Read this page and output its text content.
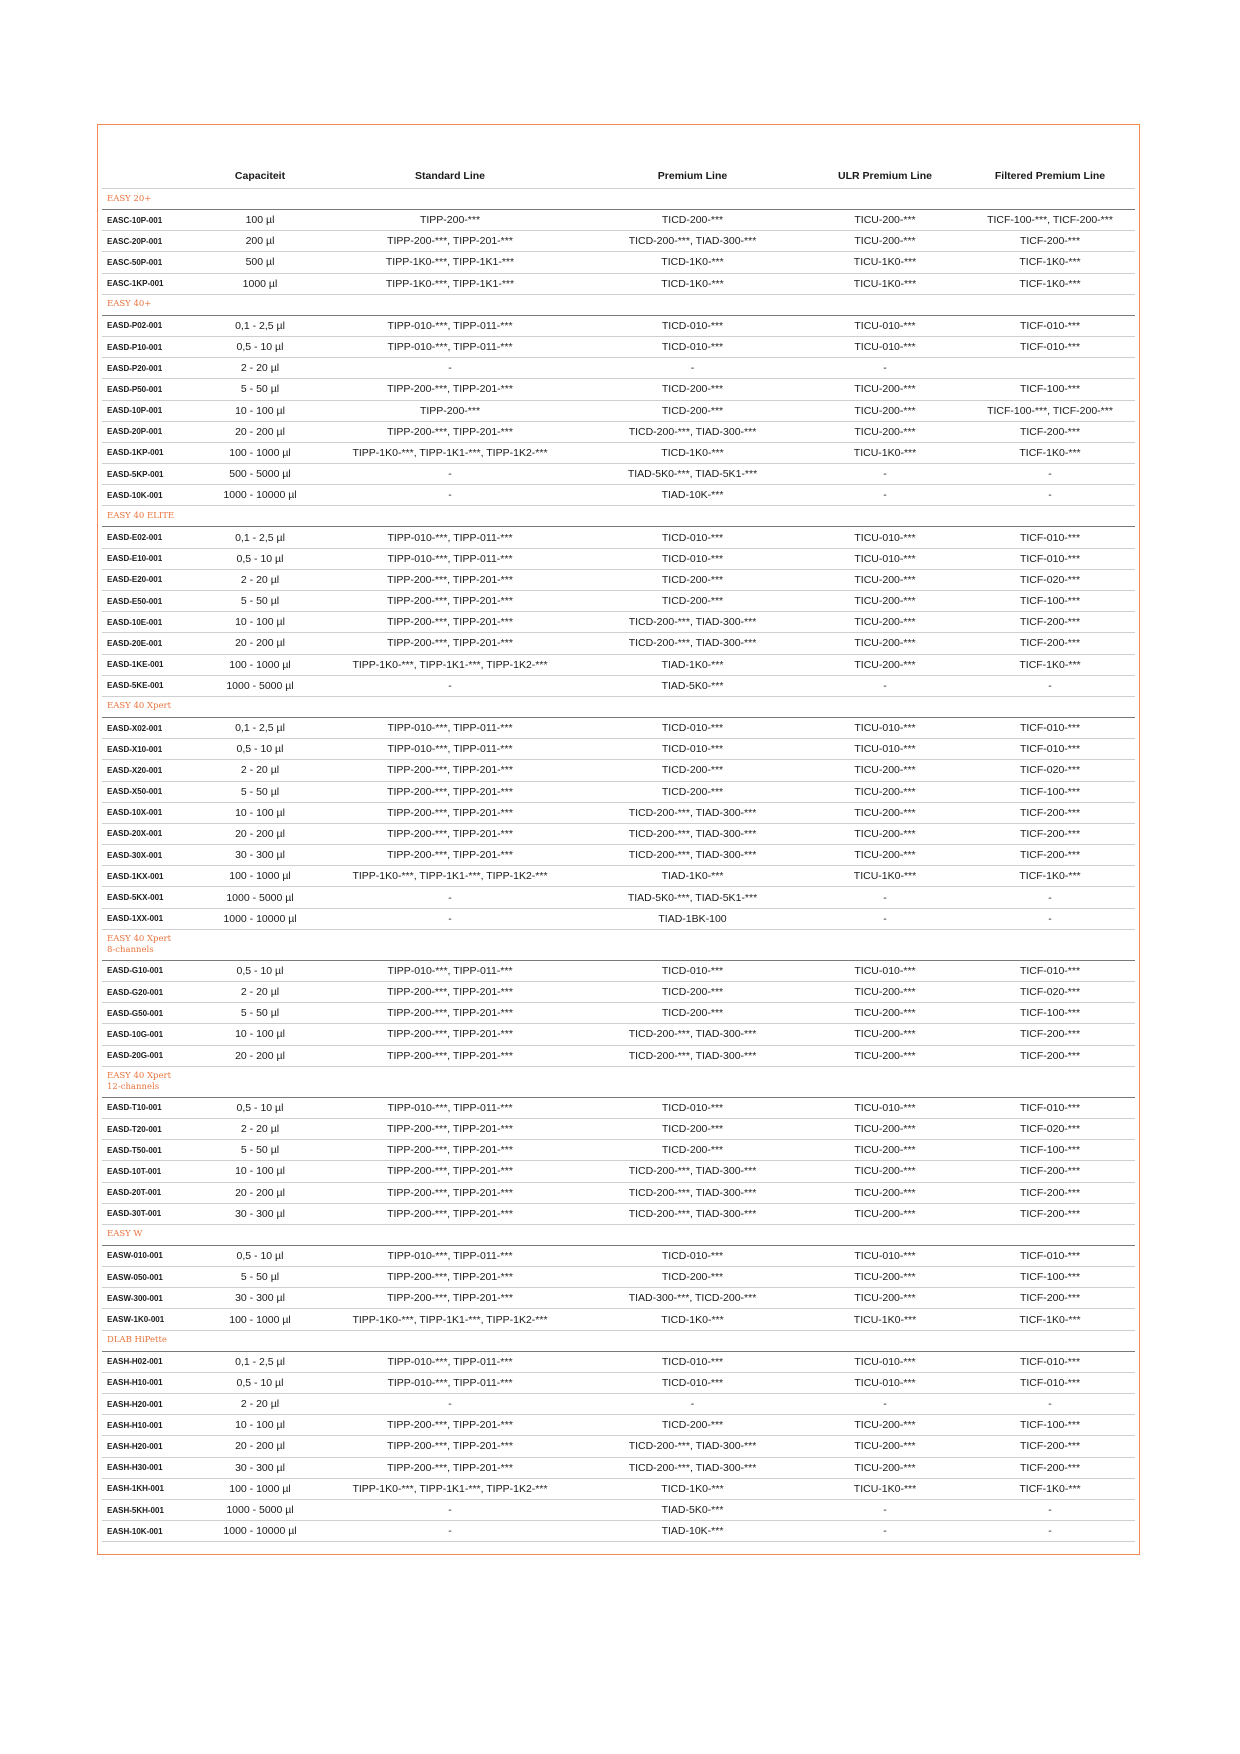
	Capaciteit	Standard Line	Premium Line	ULR Premium Line	Filtered Premium Line
EASY 20+					
EASC-10P-001	100 µl	TIPP-200-***	TICD-200-***	TICU-200-***	TICF-100-***, TICF-200-***
EASC-20P-001	200 µl	TIPP-200-***, TIPP-201-***	TICD-200-***, TIAD-300-***	TICU-200-***	TICF-200-***
EASC-50P-001	500 µl	TIPP-1K0-***, TIPP-1K1-***	TICD-1K0-***	TICU-1K0-***	TICF-1K0-***
EASC-1KP-001	1000 µl	TIPP-1K0-***, TIPP-1K1-***	TICD-1K0-***	TICU-1K0-***	TICF-1K0-***
EASY 40+					
EASD-P02-001	0,1 - 2,5 µl	TIPP-010-***, TIPP-011-***	TICD-010-***	TICU-010-***	TICF-010-***
EASD-P10-001	0,5 - 10 µl	TIPP-010-***, TIPP-011-***	TICD-010-***	TICU-010-***	TICF-010-***
EASD-P20-001	2 - 20 µl	-	-	-	
EASD-P50-001	5 - 50 µl	TIPP-200-***, TIPP-201-***	TICD-200-***	TICU-200-***	TICF-100-***
EASD-10P-001	10 - 100 µl	TIPP-200-***	TICD-200-***	TICU-200-***	TICF-100-***, TICF-200-***
EASD-20P-001	20 - 200 µl	TIPP-200-***, TIPP-201-***	TICD-200-***, TIAD-300-***	TICU-200-***	TICF-200-***
EASD-1KP-001	100 - 1000 µl	TIPP-1K0-***, TIPP-1K1-***, TIPP-1K2-***	TICD-1K0-***	TICU-1K0-***	TICF-1K0-***
EASD-5KP-001	500 - 5000 µl	-	TIAD-5K0-***, TIAD-5K1-***	-	-
EASD-10K-001	1000 - 10000 µl	-	TIAD-10K-***	-	-
EASY 40 ELITE					
EASD-E02-001	0,1 - 2,5 µl	TIPP-010-***, TIPP-011-***	TICD-010-***	TICU-010-***	TICF-010-***
EASD-E10-001	0,5 - 10 µl	TIPP-010-***, TIPP-011-***	TICD-010-***	TICU-010-***	TICF-010-***
EASD-E20-001	2 - 20 µl	TIPP-200-***, TIPP-201-***	TICD-200-***	TICU-200-***	TICF-020-***
EASD-E50-001	5 - 50 µl	TIPP-200-***, TIPP-201-***	TICD-200-***	TICU-200-***	TICF-100-***
EASD-10E-001	10 - 100 µl	TIPP-200-***, TIPP-201-***	TICD-200-***, TIAD-300-***	TICU-200-***	TICF-200-***
EASD-20E-001	20 - 200 µl	TIPP-200-***, TIPP-201-***	TICD-200-***, TIAD-300-***	TICU-200-***	TICF-200-***
EASD-1KE-001	100 - 1000 µl	TIPP-1K0-***, TIPP-1K1-***, TIPP-1K2-***	TIAD-1K0-***	TICU-200-***	TICF-1K0-***
EASD-5KE-001	1000 - 5000 µl	-	TIAD-5K0-***	-	-
EASY 40 Xpert					
EASD-X02-001	0,1 - 2,5 µl	TIPP-010-***, TIPP-011-***	TICD-010-***	TICU-010-***	TICF-010-***
EASD-X10-001	0,5 - 10 µl	TIPP-010-***, TIPP-011-***	TICD-010-***	TICU-010-***	TICF-010-***
EASD-X20-001	2 - 20 µl	TIPP-200-***, TIPP-201-***	TICD-200-***	TICU-200-***	TICF-020-***
EASD-X50-001	5 - 50 µl	TIPP-200-***, TIPP-201-***	TICD-200-***	TICU-200-***	TICF-100-***
EASD-10X-001	10 - 100 µl	TIPP-200-***, TIPP-201-***	TICD-200-***, TIAD-300-***	TICU-200-***	TICF-200-***
EASD-20X-001	20 - 200 µl	TIPP-200-***, TIPP-201-***	TICD-200-***, TIAD-300-***	TICU-200-***	TICF-200-***
EASD-30X-001	30 - 300 µl	TIPP-200-***, TIPP-201-***	TICD-200-***, TIAD-300-***	TICU-200-***	TICF-200-***
EASD-1KX-001	100 - 1000 µl	TIPP-1K0-***, TIPP-1K1-***, TIPP-1K2-***	TIAD-1K0-***	TICU-1K0-***	TICF-1K0-***
EASD-5KX-001	1000 - 5000 µl	-	TIAD-5K0-***, TIAD-5K1-***	-	-
EASD-1XX-001	1000 - 10000 µl	-	TIAD-1BK-100	-	-
EASY 40 Xpert
8-channels					
EASD-G10-001	0,5 - 10 µl	TIPP-010-***, TIPP-011-***	TICD-010-***	TICU-010-***	TICF-010-***
EASD-G20-001	2 - 20 µl	TIPP-200-***, TIPP-201-***	TICD-200-***	TICU-200-***	TICF-020-***
EASD-G50-001	5 - 50 µl	TIPP-200-***, TIPP-201-***	TICD-200-***	TICU-200-***	TICF-100-***
EASD-10G-001	10 - 100 µl	TIPP-200-***, TIPP-201-***	TICD-200-***, TIAD-300-***	TICU-200-***	TICF-200-***
EASD-20G-001	20 - 200 µl	TIPP-200-***, TIPP-201-***	TICD-200-***, TIAD-300-***	TICU-200-***	TICF-200-***
EASY 40 Xpert
12-channels					
EASD-T10-001	0,5 - 10 µl	TIPP-010-***, TIPP-011-***	TICD-010-***	TICU-010-***	TICF-010-***
EASD-T20-001	2 - 20 µl	TIPP-200-***, TIPP-201-***	TICD-200-***	TICU-200-***	TICF-020-***
EASD-T50-001	5 - 50 µl	TIPP-200-***, TIPP-201-***	TICD-200-***	TICU-200-***	TICF-100-***
EASD-10T-001	10 - 100 µl	TIPP-200-***, TIPP-201-***	TICD-200-***, TIAD-300-***	TICU-200-***	TICF-200-***
EASD-20T-001	20 - 200 µl	TIPP-200-***, TIPP-201-***	TICD-200-***, TIAD-300-***	TICU-200-***	TICF-200-***
EASD-30T-001	30 - 300 µl	TIPP-200-***, TIPP-201-***	TICD-200-***, TIAD-300-***	TICU-200-***	TICF-200-***
EASY W					
EASW-010-001	0,5 - 10 µl	TIPP-010-***, TIPP-011-***	TICD-010-***	TICU-010-***	TICF-010-***
EASW-050-001	5 - 50 µl	TIPP-200-***, TIPP-201-***	TICD-200-***	TICU-200-***	TICF-100-***
EASW-300-001	30 - 300 µl	TIPP-200-***, TIPP-201-***	TIAD-300-***, TICD-200-***	TICU-200-***	TICF-200-***
EASW-1K0-001	100 - 1000 µl	TIPP-1K0-***, TIPP-1K1-***, TIPP-1K2-***	TICD-1K0-***	TICU-1K0-***	TICF-1K0-***
DLAB HiPette					
EASH-H02-001	0,1 - 2,5 µl	TIPP-010-***, TIPP-011-***	TICD-010-***	TICU-010-***	TICF-010-***
EASH-H10-001	0,5 - 10 µl	TIPP-010-***, TIPP-011-***	TICD-010-***	TICU-010-***	TICF-010-***
EASH-H20-001	2 - 20 µl	-	-	-	-
EASH-H10-001	10 - 100 µl	TIPP-200-***, TIPP-201-***	TICD-200-***	TICU-200-***	TICF-100-***
EASH-H20-001	20 - 200 µl	TIPP-200-***, TIPP-201-***	TICD-200-***, TIAD-300-***	TICU-200-***	TICF-200-***
EASH-H30-001	30 - 300 µl	TIPP-200-***, TIPP-201-***	TICD-200-***, TIAD-300-***	TICU-200-***	TICF-200-***
EASH-1KH-001	100 - 1000 µl	TIPP-1K0-***, TIPP-1K1-***, TIPP-1K2-***	TICD-1K0-***	TICU-1K0-***	TICF-1K0-***
EASH-5KH-001	1000 - 5000 µl	-	TIAD-5K0-***	-	-
EASH-10K-001	1000 - 10000 µl	-	TIAD-10K-***	-	-
